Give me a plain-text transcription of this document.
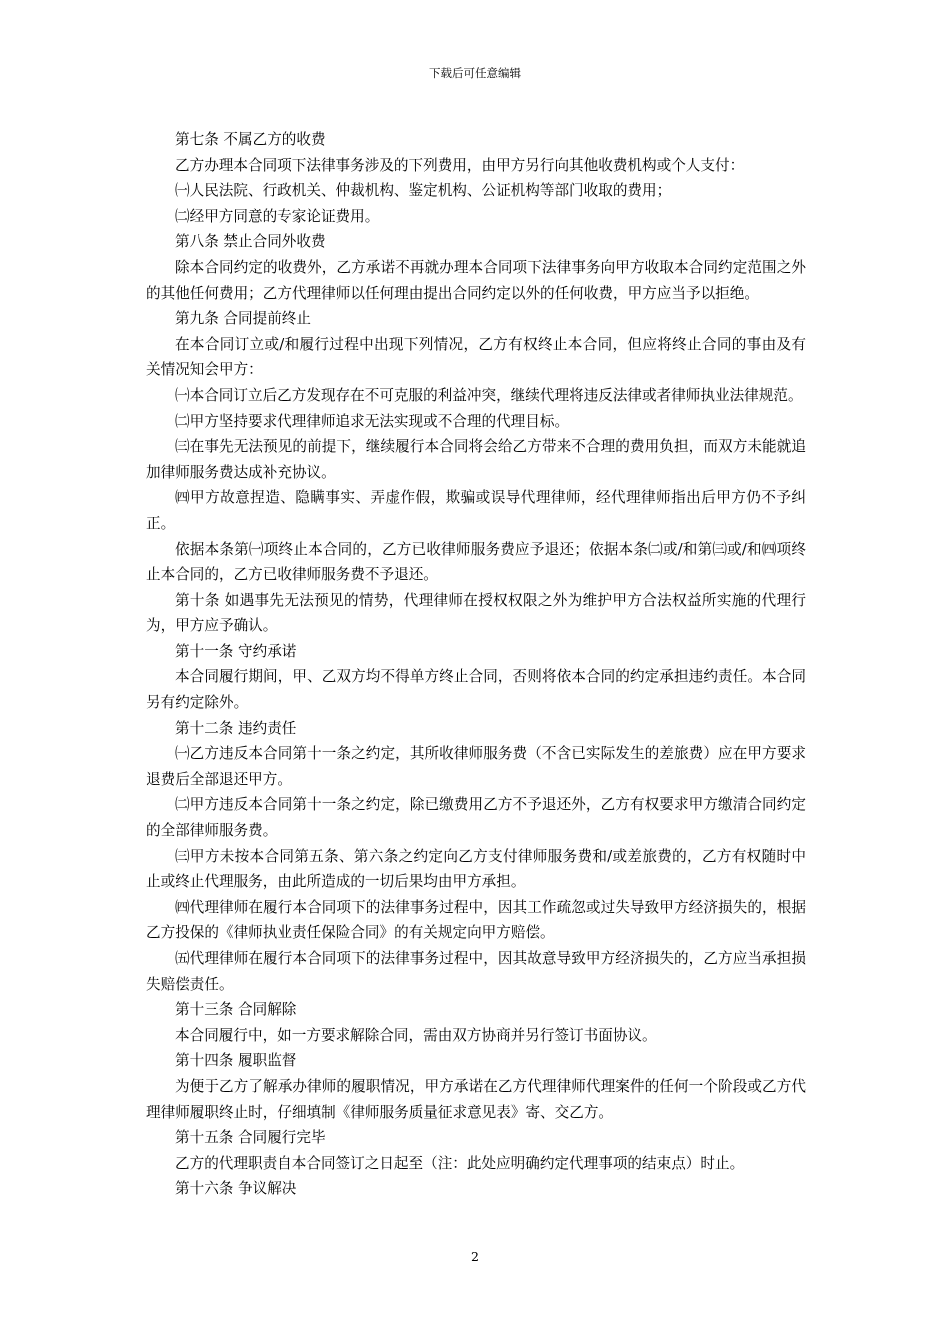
下载后可任意编辑

第七条 不属乙方的收费

乙方办理本合同项下法律事务涉及的下列费用，由甲方另行向其他收费机构或个人支付：

㈠人民法院、行政机关、仲裁机构、鉴定机构、公证机构等部门收取的费用；

㈡经甲方同意的专家论证费用。

第八条 禁止合同外收费

除本合同约定的收费外，乙方承诺不再就办理本合同项下法律事务向甲方收取本合同约定范围之外的其他任何费用；乙方代理律师以任何理由提出合同约定以外的任何收费，甲方应当予以拒绝。

第九条 合同提前终止

在本合同订立或/和履行过程中出现下列情况，乙方有权终止本合同，但应将终止合同的事由及有关情况知会甲方：

㈠本合同订立后乙方发现存在不可克服的利益冲突，继续代理将违反法律或者律师执业法律规范。

㈡甲方坚持要求代理律师追求无法实现或不合理的代理目标。

㈢在事先无法预见的前提下，继续履行本合同将会给乙方带来不合理的费用负担，而双方未能就追加律师服务费达成补充协议。

㈣甲方故意捏造、隐瞒事实、弄虚作假，欺骗或误导代理律师，经代理律师指出后甲方仍不予纠正。

依据本条第㈠项终止本合同的，乙方已收律师服务费应予退还；依据本条㈡或/和第㈢或/和㈣项终止本合同的，乙方已收律师服务费不予退还。

第十条 如遇事先无法预见的情势，代理律师在授权权限之外为维护甲方合法权益所实施的代理行为，甲方应予确认。

第十一条 守约承诺

本合同履行期间，甲、乙双方均不得单方终止合同，否则将依本合同的约定承担违约责任。本合同另有约定除外。

第十二条 违约责任

㈠乙方违反本合同第十一条之约定，其所收律师服务费（不含已实际发生的差旅费）应在甲方要求退费后全部退还甲方。

㈡甲方违反本合同第十一条之约定，除已缴费用乙方不予退还外，乙方有权要求甲方缴清合同约定的全部律师服务费。

㈢甲方未按本合同第五条、第六条之约定向乙方支付律师服务费和/或差旅费的，乙方有权随时中止或终止代理服务，由此所造成的一切后果均由甲方承担。

㈣代理律师在履行本合同项下的法律事务过程中，因其工作疏忽或过失导致甲方经济损失的，根据乙方投保的《律师执业责任保险合同》的有关规定向甲方赔偿。

㈤代理律师在履行本合同项下的法律事务过程中，因其故意导致甲方经济损失的，乙方应当承担损失赔偿责任。

第十三条 合同解除

本合同履行中，如一方要求解除合同，需由双方协商并另行签订书面协议。

第十四条 履职监督

为便于乙方了解承办律师的履职情况，甲方承诺在乙方代理律师代理案件的任何一个阶段或乙方代理律师履职终止时，仔细填制《律师服务质量征求意见表》寄、交乙方。

第十五条 合同履行完毕

乙方的代理职责自本合同签订之日起至（注：此处应明确约定代理事项的结束点）时止。

第十六条 争议解决

2
